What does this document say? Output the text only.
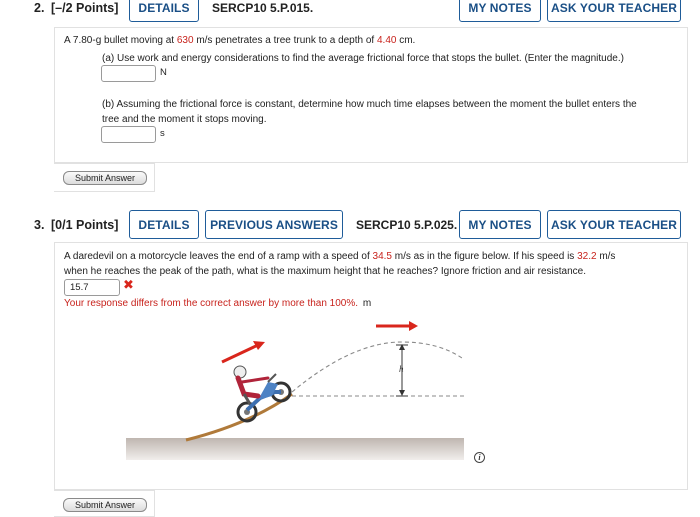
2. [–/2 Points]	DETAILS	SERCP10 5.P.015.	MY NOTES	ASK YOUR TEACHER
A 7.80-g bullet moving at 630 m/s penetrates a tree trunk to a depth of 4.40 cm.
(a) Use work and energy considerations to find the average frictional force that stops the bullet. (Enter the magnitude.)
N
(b) Assuming the frictional force is constant, determine how much time elapses between the moment the bullet enters the
tree and the moment it stops moving.
s
Submit Answer
3. [0/1 Points]	DETAILS	PREVIOUS ANSWERS	SERCP10 5.P.025. MY NOTES	ASK YOUR TEACHER
A daredevil on a motorcycle leaves the end of a ramp with a speed of 34.5 m/s as in the figure below. If his speed is 32.2 m/s
when he reaches the peak of the path, what is the maximum height that he reaches? Ignore friction and air resistance.
15.7
✖
Your response differs from the correct answer by more than 100%. m
h
i
Submit Answer
